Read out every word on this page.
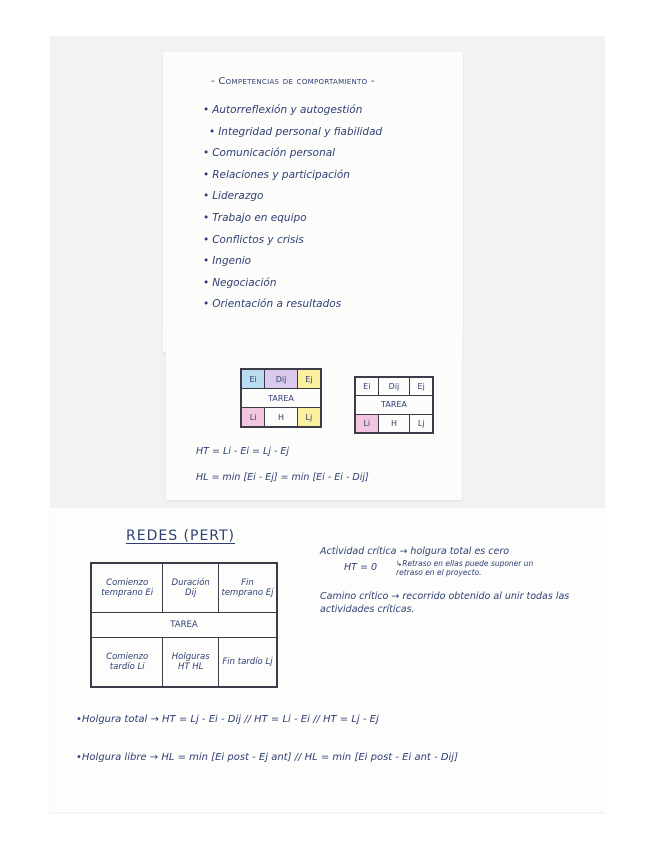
- Competencias de comportamiento -
• Autorreflexión y autogestión
• Integridad personal y fiabilidad
• Comunicación personal
• Relaciones y participación
• Liderazgo
• Trabajo en equipo
• Conflictos y crisis
• Ingenio
• Negociación
• Orientación a resultados
Ei	Dij	Ej
TAREA		
Li	H	Lj
Ei	Dij	Ej
TAREA		
Li	H	Lj
HT = Li - Ei = Lj - Ej
HL = min [Ei - Ej] = min [Ei - Ei - Dij]
REDES (PERT)
Comienzo temprano Ei	Duración Dij	Fin temprano Ej
TAREA		
Comienzo tardío Li	Holguras HT HL	Fin tardío Lj
Actividad crítica → holgura total es cero
HT = 0	↳Retraso en ellas puede suponer un retraso en el proyecto.
Camino crítico → recorrido obtenido al unir todas las actividades críticas.
•Holgura total → HT = Lj - Ei - Dij // HT = Li - Ei // HT = Lj - Ej
•Holgura libre → HL = min [Ei post - Ej ant] // HL = min [Ei post - Ei ant - Dij]
